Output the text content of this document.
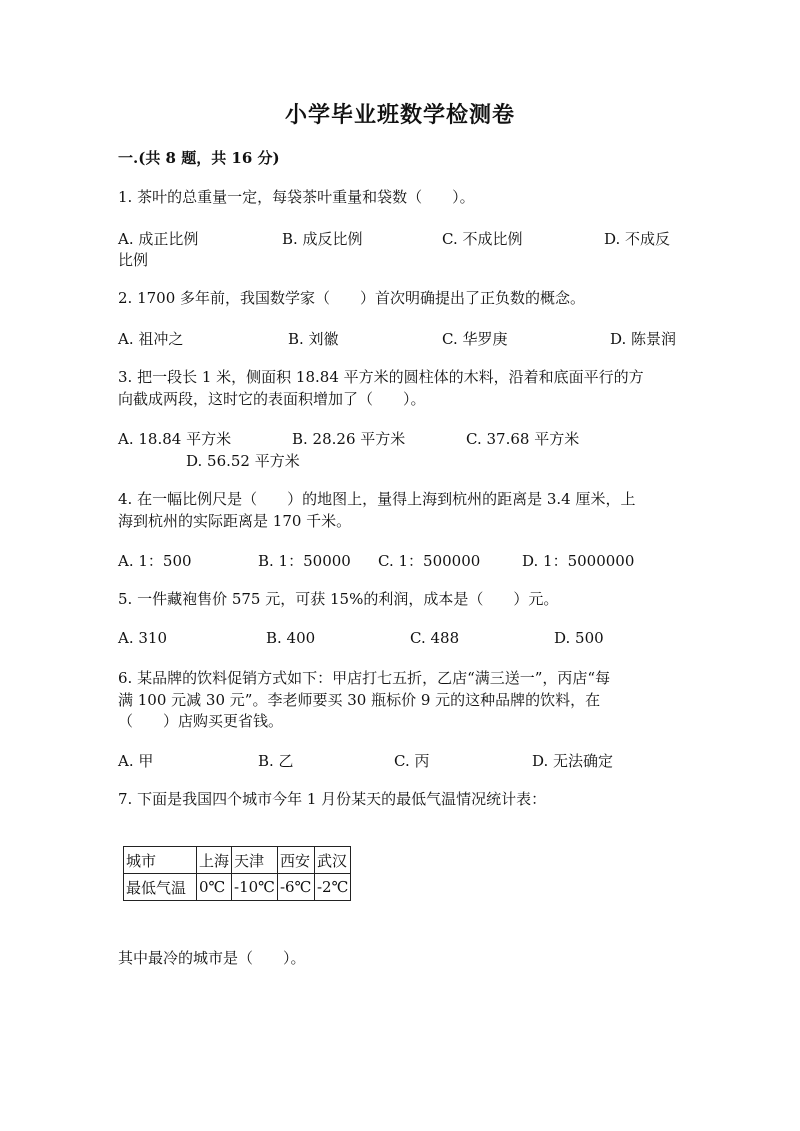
小学毕业班数学检测卷
一.(共 8 题，共 16 分)
1. 茶叶的总重量一定，每袋茶叶重量和袋数（　　）。
A. 成正比例	B. 成反比例	C. 不成比例	D. 不成反
比例
2. 1700 多年前，我国数学家（　　）首次明确提出了正负数的概念。
A. 祖冲之	B. 刘徽	C. 华罗庚	D. 陈景润
3. 把一段长 1 米，侧面积 18.84 平方米的圆柱体的木料，沿着和底面平行的方
向截成两段，这时它的表面积增加了（　　）。
A. 18.84 平方米	B. 28.26 平方米	C. 37.68 平方米
D. 56.52 平方米
4. 在一幅比例尺是（　　）的地图上，量得上海到杭州的距离是 3.4 厘米，上
海到杭州的实际距离是 170 千米。
A. 1：500	B. 1：50000 C. 1：500000	D. 1：5000000
5. 一件藏袍售价 575 元，可获 15%的利润，成本是（　　）元。
A. 310	B. 400	C. 488	D. 500
6. 某品牌的饮料促销方式如下：甲店打七五折，乙店“满三送一”，丙店“每
满 100 元减 30 元”。李老师要买 30 瓶标价 9 元的这种品牌的饮料，在
（　　）店购买更省钱。
A. 甲	B. 乙	C. 丙	D. 无法确定
7. 下面是我国四个城市今年 1 月份某天的最低气温情况统计表：
城市	上海	天津	西安	武汉
最低气温	0℃	-10℃	-6℃	-2℃
其中最冷的城市是（　　）。
